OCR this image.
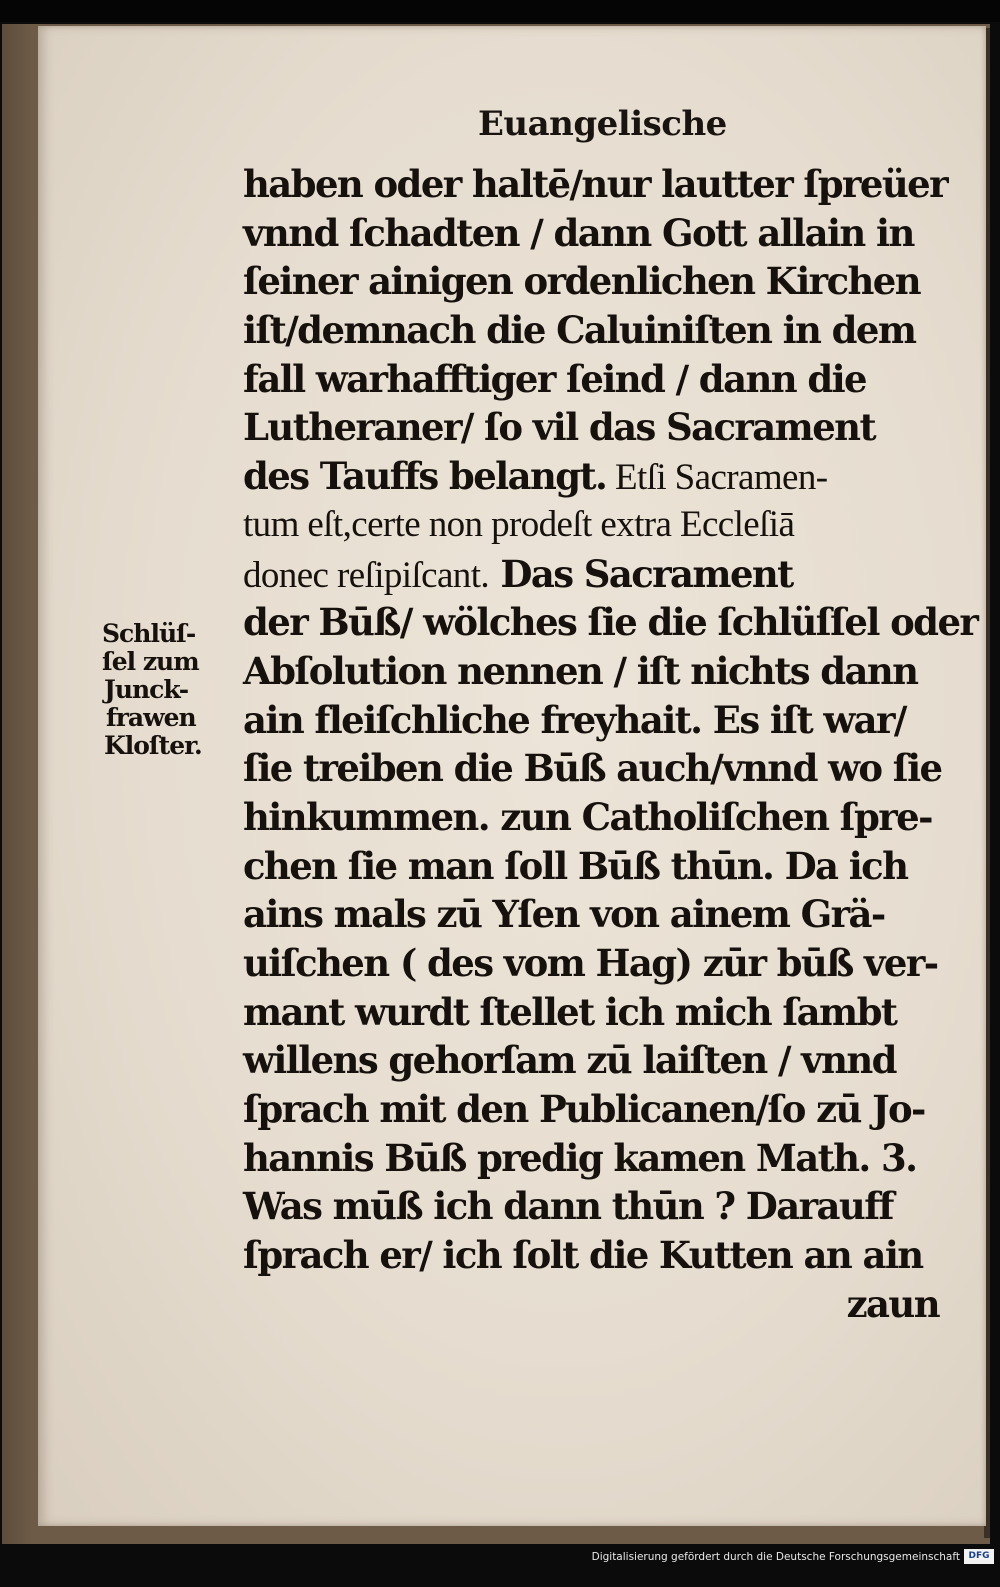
Euangelische
Schlüſ-
ſel zum
Junck-
frawen
Kloſter.
haben oder haltē/nur lautter ſpreüer
vnnd ſchadten / dann Gott allain in
ſeiner ainigen ordenlichen Kirchen
iſt/demnach die Caluiniſten in dem
fall warhafftiger ſeind / dann die
Lutheraner/ ſo vil das Sacrament
des Tauffs belangt. Etſi Sacramen-
tum eſt,certe non prodeſt extra Eccleſiā
donec reſipiſcant. Das Sacrament
der Būß/ wölches ſie die ſchlüſſel oder
Abſolution nennen / iſt nichts dann
ain fleiſchliche freyhait. Es iſt war/
ſie treiben die Būß auch/vnnd wo ſie
hinkummen. zun Catholiſchen ſpre-
chen ſie man ſoll Būß thūn. Da ich
ains mals zū Yſen von ainem Grä-
uiſchen ( des vom Hag) zūr būß ver-
mant wurdt ſtellet ich mich ſambt
willens gehorſam zū laiſten / vnnd
ſprach mit den Publicanen/ſo zū Jo-
hannis Būß predig kamen Math. 3.
Was mūß ich dann thūn ? Darauff
ſprach er/ ich ſolt die Kutten an ain
zaun
Digitalisierung gefördert durch die Deutsche Forschungsgemeinschaft DFG
